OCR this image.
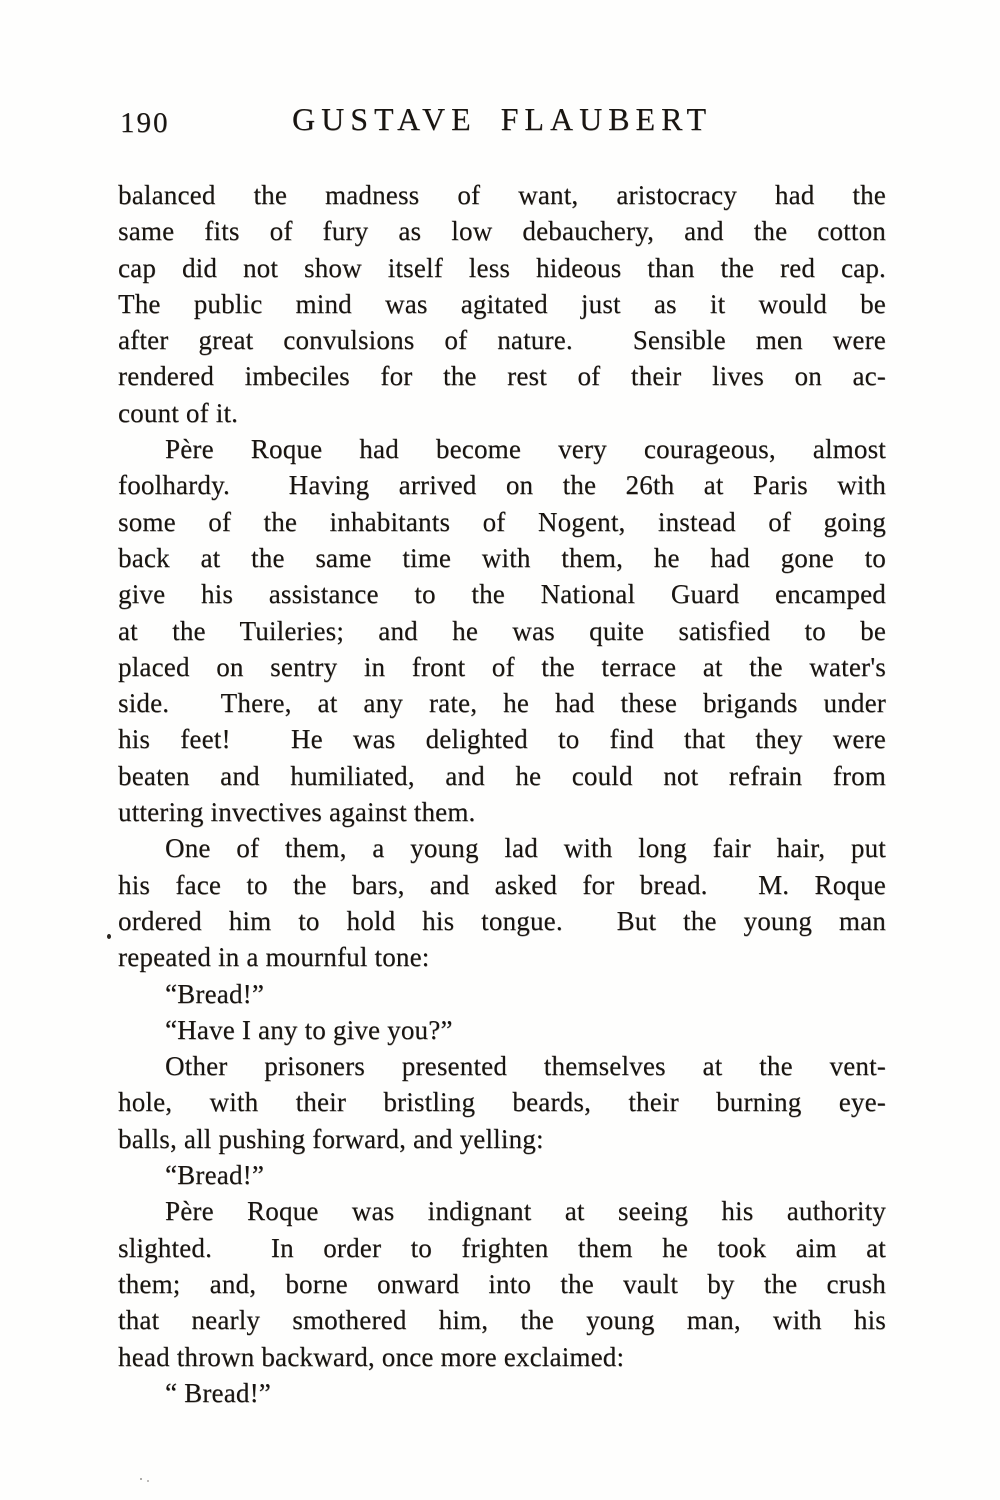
190	GUSTAVE FLAUBERT
balanced the madness of want, aristocracy had the
same fits of fury as low debauchery, and the cotton
cap did not show itself less hideous than the red cap.
The public mind was agitated just as it would be
after great convulsions of nature.  Sensible men were
rendered imbeciles for the rest of their lives on ac-
count of it.
Père Roque had become very courageous, almost
foolhardy.  Having arrived on the 26th at Paris with
some of the inhabitants of Nogent, instead of going
back at the same time with them, he had gone to
give his assistance to the National Guard encamped
at the Tuileries; and he was quite satisfied to be
placed on sentry in front of the terrace at the water's
side.  There, at any rate, he had these brigands under
his feet!  He was delighted to find that they were
beaten and humiliated, and he could not refrain from
uttering invectives against them.
One of them, a young lad with long fair hair, put
his face to the bars, and asked for bread.  M. Roque
ordered him to hold his tongue.  But the young man
repeated in a mournful tone:
“Bread!”
“Have I any to give you?”
Other prisoners presented themselves at the vent-
hole, with their bristling beards, their burning eye-
balls, all pushing forward, and yelling:
“Bread!”
Père Roque was indignant at seeing his authority
slighted.  In order to frighten them he took aim at
them; and, borne onward into the vault by the crush
that nearly smothered him, the young man, with his
head thrown backward, once more exclaimed:
“ Bread!”
